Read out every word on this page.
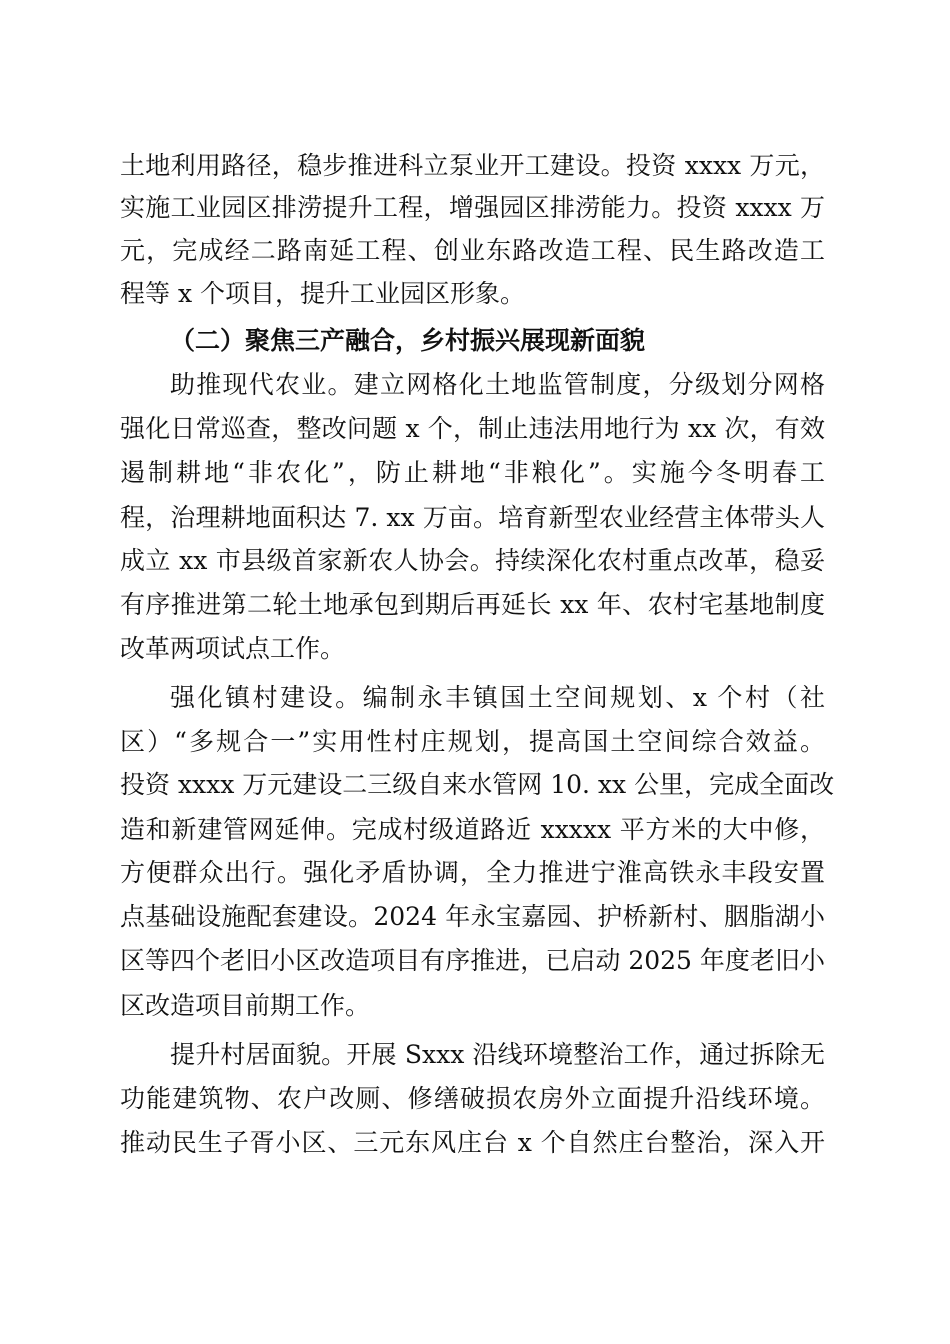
土地利用路径，稳步推进科立泵业开工建设。投资 xxxx 万元，
实施工业园区排涝提升工程，增强园区排涝能力。投资 xxxx 万
元，完成经二路南延工程、创业东路改造工程、民生路改造工
程等 x 个项目，提升工业园区形象。
（二）聚焦三产融合，乡村振兴展现新面貌
助推现代农业。建立网格化土地监管制度，分级划分网格
强化日常巡查，整改问题 x 个，制止违法用地行为 xx 次，有效
遏制耕地“非农化”，防止耕地“非粮化”。实施今冬明春工
程，治理耕地面积达 7. xx 万亩。培育新型农业经营主体带头人
成立 xx 市县级首家新农人协会。持续深化农村重点改革，稳妥
有序推进第二轮土地承包到期后再延长 xx 年、农村宅基地制度
改革两项试点工作。
强化镇村建设。编制永丰镇国土空间规划、x 个村（社
区）“多规合一”实用性村庄规划，提高国土空间综合效益。
投资 xxxx 万元建设二三级自来水管网 10. xx 公里，完成全面改
造和新建管网延伸。完成村级道路近 xxxxx 平方米的大中修，
方便群众出行。强化矛盾协调，全力推进宁淮高铁永丰段安置
点基础设施配套建设。2024 年永宝嘉园、护桥新村、胭脂湖小
区等四个老旧小区改造项目有序推进，已启动 2025 年度老旧小
区改造项目前期工作。
提升村居面貌。开展 Sxxx 沿线环境整治工作，通过拆除无
功能建筑物、农户改厕、修缮破损农房外立面提升沿线环境。
推动民生子胥小区、三元东风庄台 x 个自然庄台整治，深入开
